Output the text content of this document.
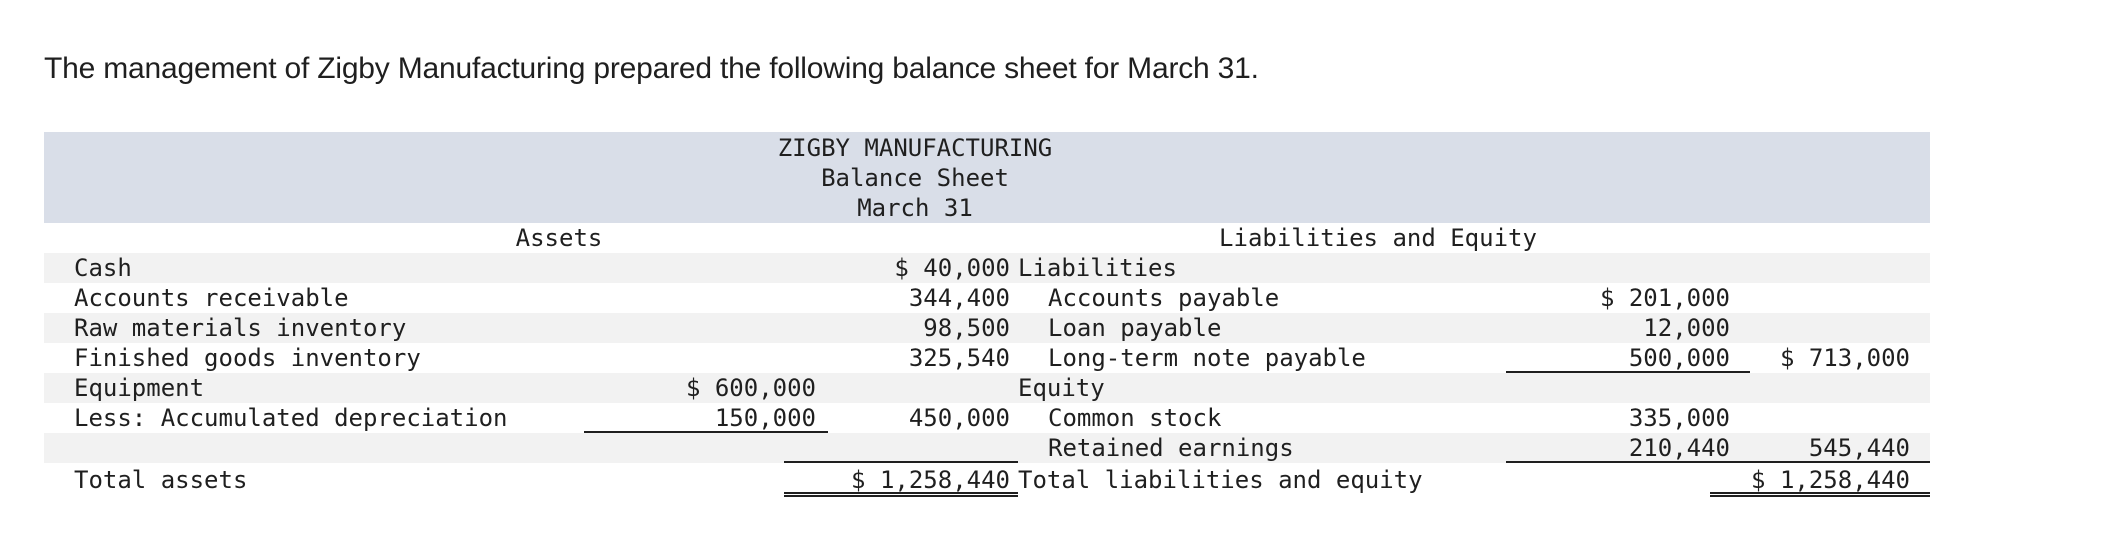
The management of Zigby Manufacturing prepared the following balance sheet for March 31.

ZIGBY MANUFACTURING
Balance Sheet
March 31
Assets	Liabilities and Equity
Cash	$ 40,000 Liabilities
Accounts receivable	344,400	Accounts payable	$ 201,000
Raw materials inventory	98,500	Loan payable	12,000
Finished goods inventory	325,540	Long-term note payable	500,000	$ 713,000
Equipment	$ 600,000	Equity
Less: Accumulated depreciation	150,000	450,000	Common stock	335,000
Retained earnings	210,440	545,440
Total assets	$ 1,258,440 Total liabilities and equity	$ 1,258,440
